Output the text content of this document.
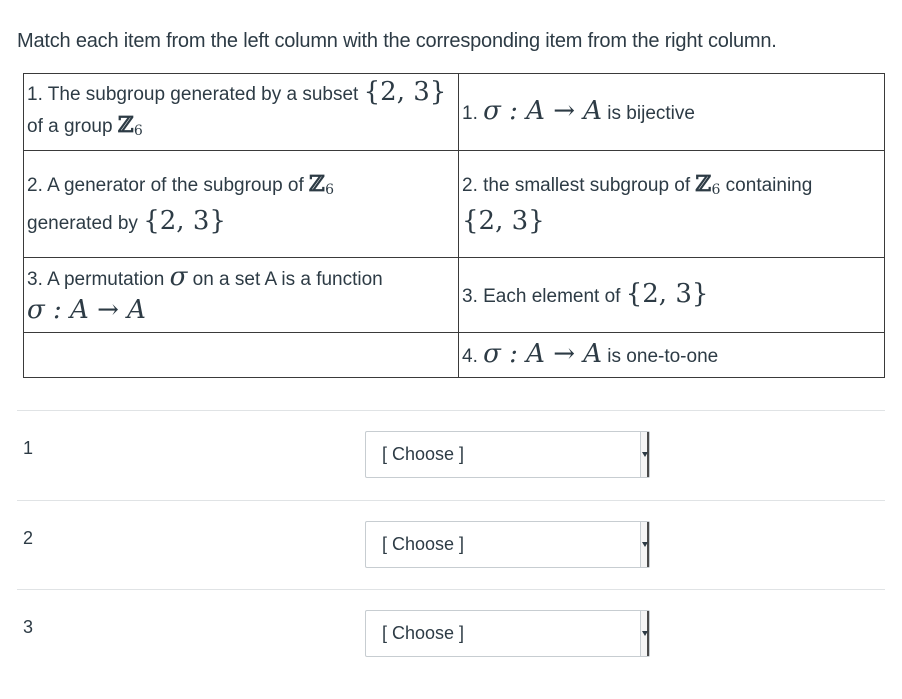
Match each item from the left column with the corresponding item from the right column.
1. The subgroup generated by a subset {2, 3}
of a group ℤ$_6$	1. σ : A → A is bijective
2. A generator of the subgroup of ℤ$_6$
generated by {2, 3}	2. the smallest subgroup of ℤ$_6$ containing
{2, 3}
3. A permutation σ on a set A is a function
σ : A → A	3. Each element of {2, 3}
	4. σ : A → A is one-to-one
1	[ Choose ]
2	[ Choose ]
3	[ Choose ]
